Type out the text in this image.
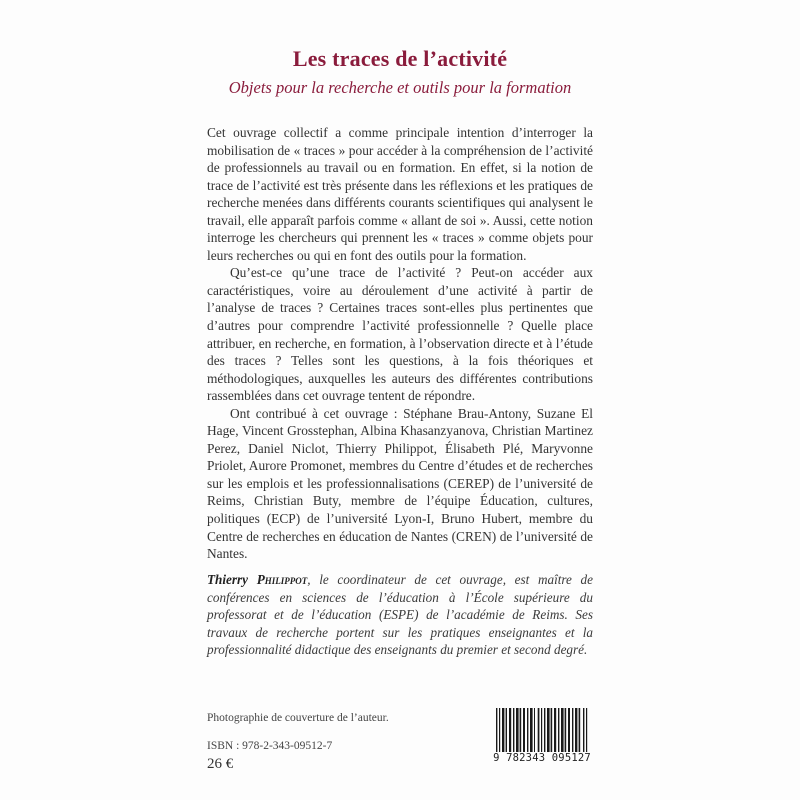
Les traces de l’activité
Objets pour la recherche et outils pour la formation

Cet ouvrage collectif a comme principale intention d’interroger la mobilisation de « traces » pour accéder à la compréhension de l’activité de professionnels au travail ou en formation. En effet, si la notion de trace de l’activité est très présente dans les réflexions et les pratiques de recherche menées dans différents courants scientifiques qui analysent le travail, elle apparaît parfois comme « allant de soi ». Aussi, cette notion interroge les chercheurs qui prennent les « traces » comme objets pour leurs recherches ou qui en font des outils pour la formation.

Qu’est-ce qu’une trace de l’activité ? Peut-on accéder aux caractéristiques, voire au déroulement d’une activité à partir de l’analyse de traces ? Certaines traces sont-elles plus pertinentes que d’autres pour comprendre l’activité professionnelle ? Quelle place attribuer, en recherche, en formation, à l’observation directe et à l’étude des traces ? Telles sont les questions, à la fois théoriques et méthodologiques, auxquelles les auteurs des différentes contributions rassemblées dans cet ouvrage tentent de répondre.

Ont contribué à cet ouvrage : Stéphane Brau-Antony, Suzane El Hage, Vincent Grosstephan, Albina Khasanzyanova, Christian Martinez Perez, Daniel Niclot, Thierry Philippot, Élisabeth Plé, Maryvonne Priolet, Aurore Promonet, membres du Centre d’études et de recherches sur les emplois et les professionnalisations (CEREP) de l’université de Reims, Christian Buty, membre de l’équipe Éducation, cultures, politiques (ECP) de l’université Lyon-I, Bruno Hubert, membre du Centre de recherches en éducation de Nantes (CREN) de l’université de Nantes.

Thierry Philippot, le coordinateur de cet ouvrage, est maître de conférences en sciences de l’éducation à l’École supérieure du professorat et de l’éducation (ESPE) de l’académie de Reims. Ses travaux de recherche portent sur les pratiques enseignantes et la professionnalité didactique des enseignants du premier et second degré.
Photographie de couverture de l’auteur.
ISBN : 978-2-343-09512-7
26 €	9 782343 095127
